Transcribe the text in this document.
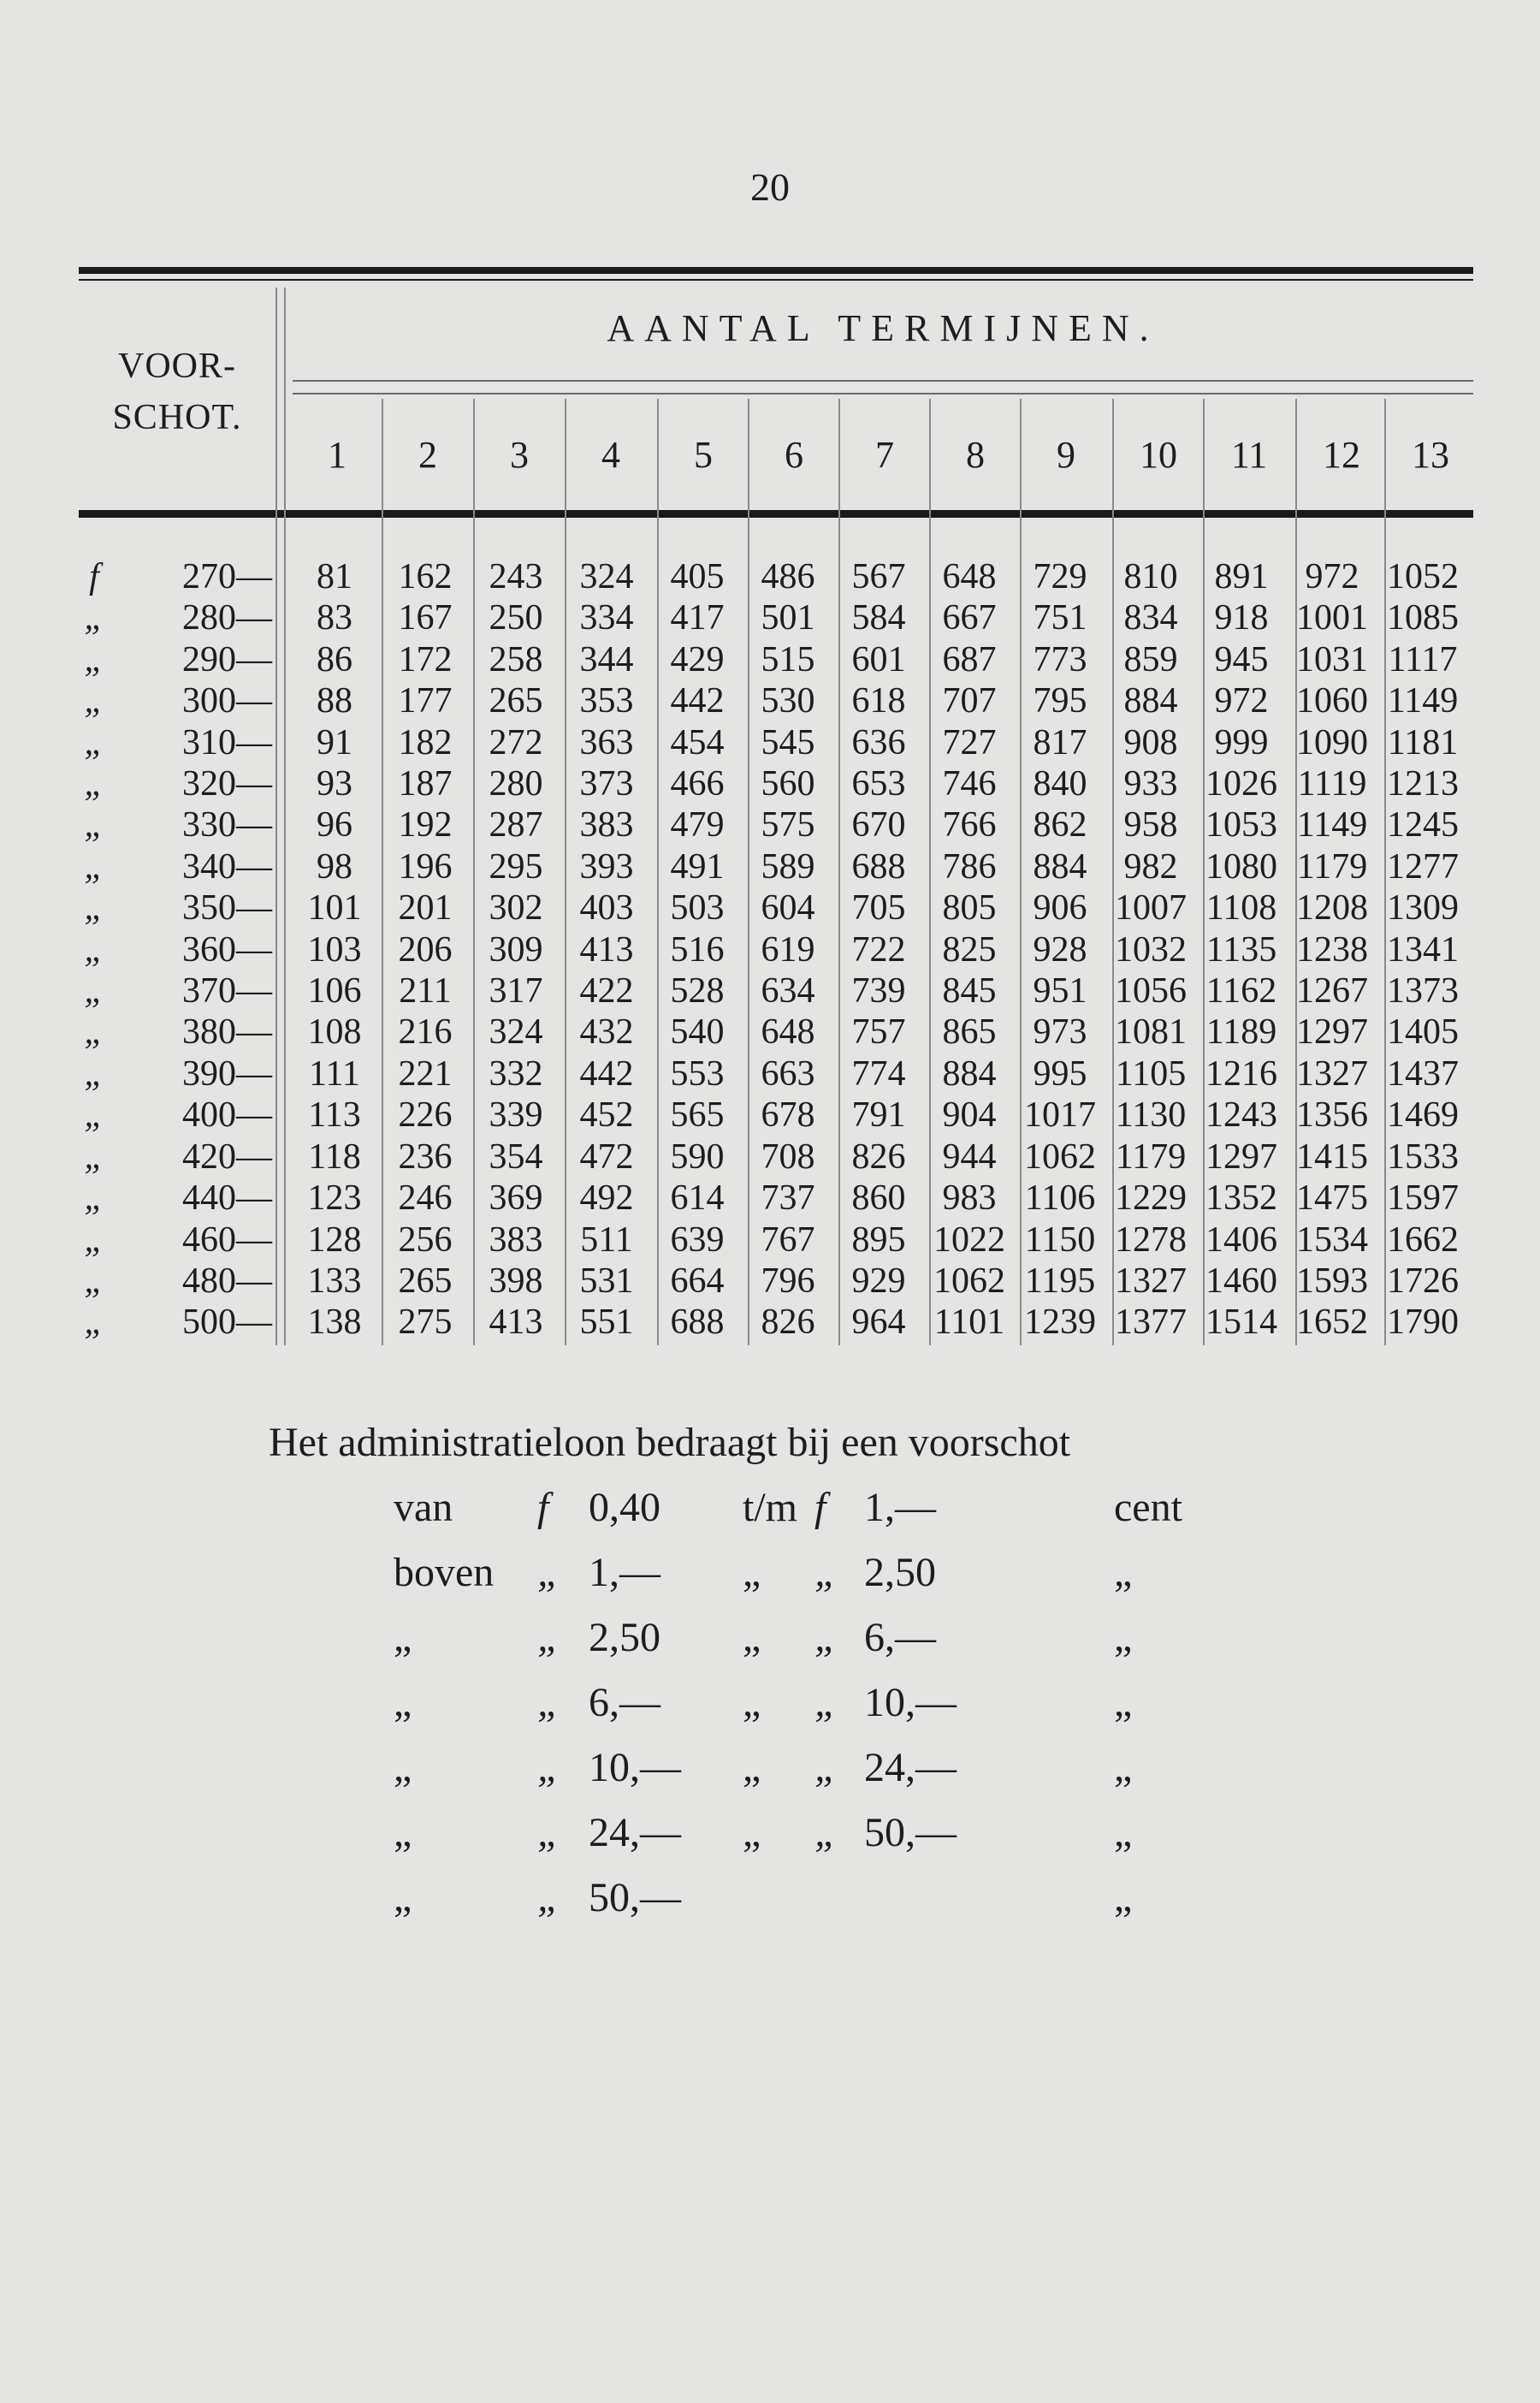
20
VOOR-
SCHOT.
AANTAL TERMIJNEN.
1	2	3	4	5	6	7	8	9	10	11	12	13
f	270	—	81	162	243	324	405	486	567	648	729	810	891	972	1052
„	280	—	83	167	250	334	417	501	584	667	751	834	918	1001	1085
„	290	—	86	172	258	344	429	515	601	687	773	859	945	1031	1117
„	300	—	88	177	265	353	442	530	618	707	795	884	972	1060	1149
„	310	—	91	182	272	363	454	545	636	727	817	908	999	1090	1181
„	320	—	93	187	280	373	466	560	653	746	840	933	1026	1119	1213
„	330	—	96	192	287	383	479	575	670	766	862	958	1053	1149	1245
„	340	—	98	196	295	393	491	589	688	786	884	982	1080	1179	1277
„	350	—	101	201	302	403	503	604	705	805	906	1007	1108	1208	1309
„	360	—	103	206	309	413	516	619	722	825	928	1032	1135	1238	1341
„	370	—	106	211	317	422	528	634	739	845	951	1056	1162	1267	1373
„	380	—	108	216	324	432	540	648	757	865	973	1081	1189	1297	1405
„	390	—	111	221	332	442	553	663	774	884	995	1105	1216	1327	1437
„	400	—	113	226	339	452	565	678	791	904	1017	1130	1243	1356	1469
„	420	—	118	236	354	472	590	708	826	944	1062	1179	1297	1415	1533
„	440	—	123	246	369	492	614	737	860	983	1106	1229	1352	1475	1597
„	460	—	128	256	383	511	639	767	895	1022	1150	1278	1406	1534	1662
„	480	—	133	265	398	531	664	796	929	1062	1195	1327	1460	1593	1726
„	500	—	138	275	413	551	688	826	964	1101	1239	1377	1514	1652	1790
Het administratieloon bedraagt bij een voorschot
van f 0,40 t/m f 1,—	cent
boven „ 1,— „ „ 2,50	„
„	„ 2,50 „ „ 6,—	„
„	„ 6,— „ „ 10,—	„
„	„ 10,— „ „ 24,—	„
„	„ 24,— „ „ 50,—	„
„	„ 50,—	„
